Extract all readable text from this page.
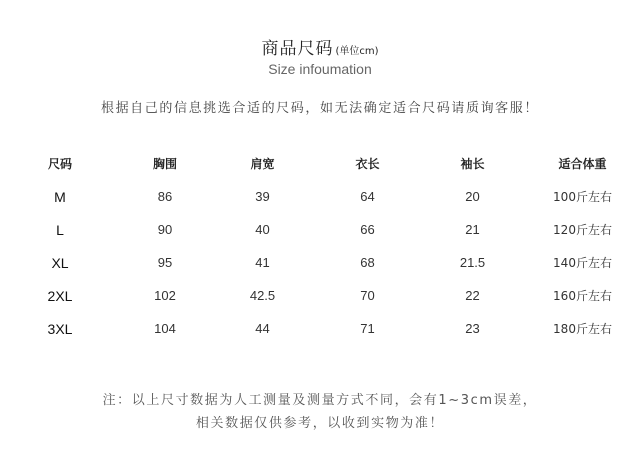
商品尺码 (单位cm)
Size infoumation
根据自己的信息挑选合适的尺码，如无法确定适合尺码请质询客服！
尺码	胸围	肩宽	衣长	袖长	适合体重
M	86	39	64	20	100斤左右
L	90	40	66	21	120斤左右
XL	95	41	68	21.5	140斤左右
2XL	102	42.5	70	22	160斤左右
3XL	104	44	71	23	180斤左右
注：以上尺寸数据为人工测量及测量方式不同，会有1~3cm误差，
相关数据仅供参考，以收到实物为准！
